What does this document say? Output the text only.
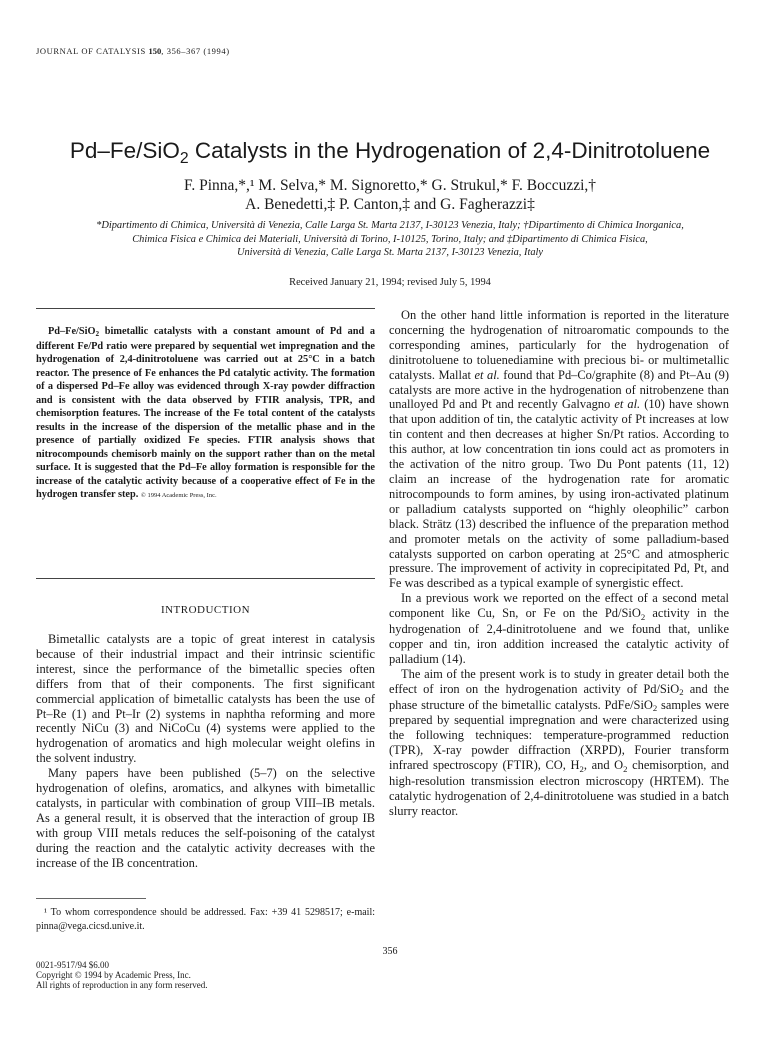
JOURNAL OF CATALYSIS 150, 356–367 (1994)
Pd–Fe/SiO$_2$ Catalysts in the Hydrogenation of 2,4-Dinitrotoluene
F. Pinna,*,¹ M. Selva,* M. Signoretto,* G. Strukul,* F. Boccuzzi,†
A. Benedetti,‡ P. Canton,‡ and G. Fagherazzi‡
*Dipartimento di Chimica, Università di Venezia, Calle Larga St. Marta 2137, I-30123 Venezia, Italy; †Dipartimento di Chimica Inorganica,
Chimica Fisica e Chimica dei Materiali, Università di Torino, I-10125, Torino, Italy; and ‡Dipartimento di Chimica Fisica,
Università di Venezia, Calle Larga St. Marta 2137, I-30123 Venezia, Italy
Received January 21, 1994; revised July 5, 1994

Pd–Fe/SiO$_2$ bimetallic catalysts with a constant amount of Pd and a different Fe/Pd ratio were prepared by sequential wet impregnation and the hydrogenation of 2,4-dinitrotoluene was carried out at 25°C in a batch reactor. The presence of Fe enhances the Pd catalytic activity. The formation of a dispersed Pd–Fe alloy was evidenced through X-ray powder diffraction and is consistent with the data observed by FTIR analysis, TPR, and chemisorption features. The increase of the Fe total content of the catalysts results in the increase of the dispersion of the metallic phase and in the presence of partially oxidized Fe species. FTIR analysis shows that nitrocompounds chemisorb mainly on the support rather than on the metal surface. It is suggested that the Pd–Fe alloy formation is responsible for the increase of the catalytic activity because of a cooperative effect of Fe in the hydrogen transfer step. © 1994 Academic Press, Inc.

INTRODUCTION

Bimetallic catalysts are a topic of great interest in catalysis because of their industrial impact and their intrinsic scientific interest, since the performance of the bimetallic species often differs from that of their components. The first significant commercial application of bimetallic catalysts has been the use of Pt–Re (1) and Pt–Ir (2) systems in naphtha reforming and more recently NiCu (3) and NiCoCu (4) systems were applied to the hydrogenation of aromatics and high molecular weight olefins in the solvent industry.

Many papers have been published (5–7) on the selective hydrogenation of olefins, aromatics, and alkynes with bimetallic catalysts, in particular with combination of group VIII–IB metals. As a general result, it is observed that the interaction of group IB with group VIII metals reduces the self-poisoning of the catalyst during the reaction and the catalytic activity decreases with the increase of the IB concentration.

On the other hand little information is reported in the literature concerning the hydrogenation of nitroaromatic compounds to the corresponding amines, particularly for the hydrogenation of dinitrotoluene to toluenediamine with precious bi- or multimetallic catalysts. Mallat et al. found that Pd–Co/graphite (8) and Pt–Au (9) catalysts are more active in the hydrogenation of nitrobenzene than unalloyed Pd and Pt and recently Galvagno et al. (10) have shown that upon addition of tin, the catalytic activity of Pt increases at low tin content and then decreases at higher Sn/Pt ratios. According to this author, at low concentration tin ions could act as promoters in the activation of the nitro group. Two Du Pont patents (11, 12) claim an increase of the hydrogenation rate for aromatic nitrocompounds to form amines, by using iron-activated platinum or palladium catalysts supported on “highly oleophilic” carbon black. Strätz (13) described the influence of the preparation method and promoter metals on the activity of some palladium-based catalysts supported on carbon operating at 25°C and atmospheric pressure. The improvement of activity in coprecipitated Pd, Pt, and Fe was described as a typical example of synergistic effect.

In a previous work we reported on the effect of a second metal component like Cu, Sn, or Fe on the Pd/SiO$_2$ activity in the hydrogenation of 2,4-dinitrotoluene and we found that, unlike copper and tin, iron addition increased the catalytic activity of palladium (14).

The aim of the present work is to study in greater detail both the effect of iron on the hydrogenation activity of Pd/SiO$_2$ and the phase structure of the bimetallic catalysts. PdFe/SiO$_2$ samples were prepared by sequential impregnation and were characterized using the following techniques: temperature-programmed reduction (TPR), X-ray powder diffraction (XRPD), Fourier transform infrared spectroscopy (FTIR), CO, $H_2$, and $O_2$ chemisorption, and high-resolution transmission electron microscopy (HRTEM). The catalytic hydrogenation of 2,4-dinitrotoluene was studied in a batch slurry reactor.

¹ To whom correspondence should be addressed. Fax: +39 41 5298517; e-mail: pinna@vega.cicsd.unive.it.

356
0021-9517/94 $6.00
Copyright © 1994 by Academic Press, Inc.
All rights of reproduction in any form reserved.
